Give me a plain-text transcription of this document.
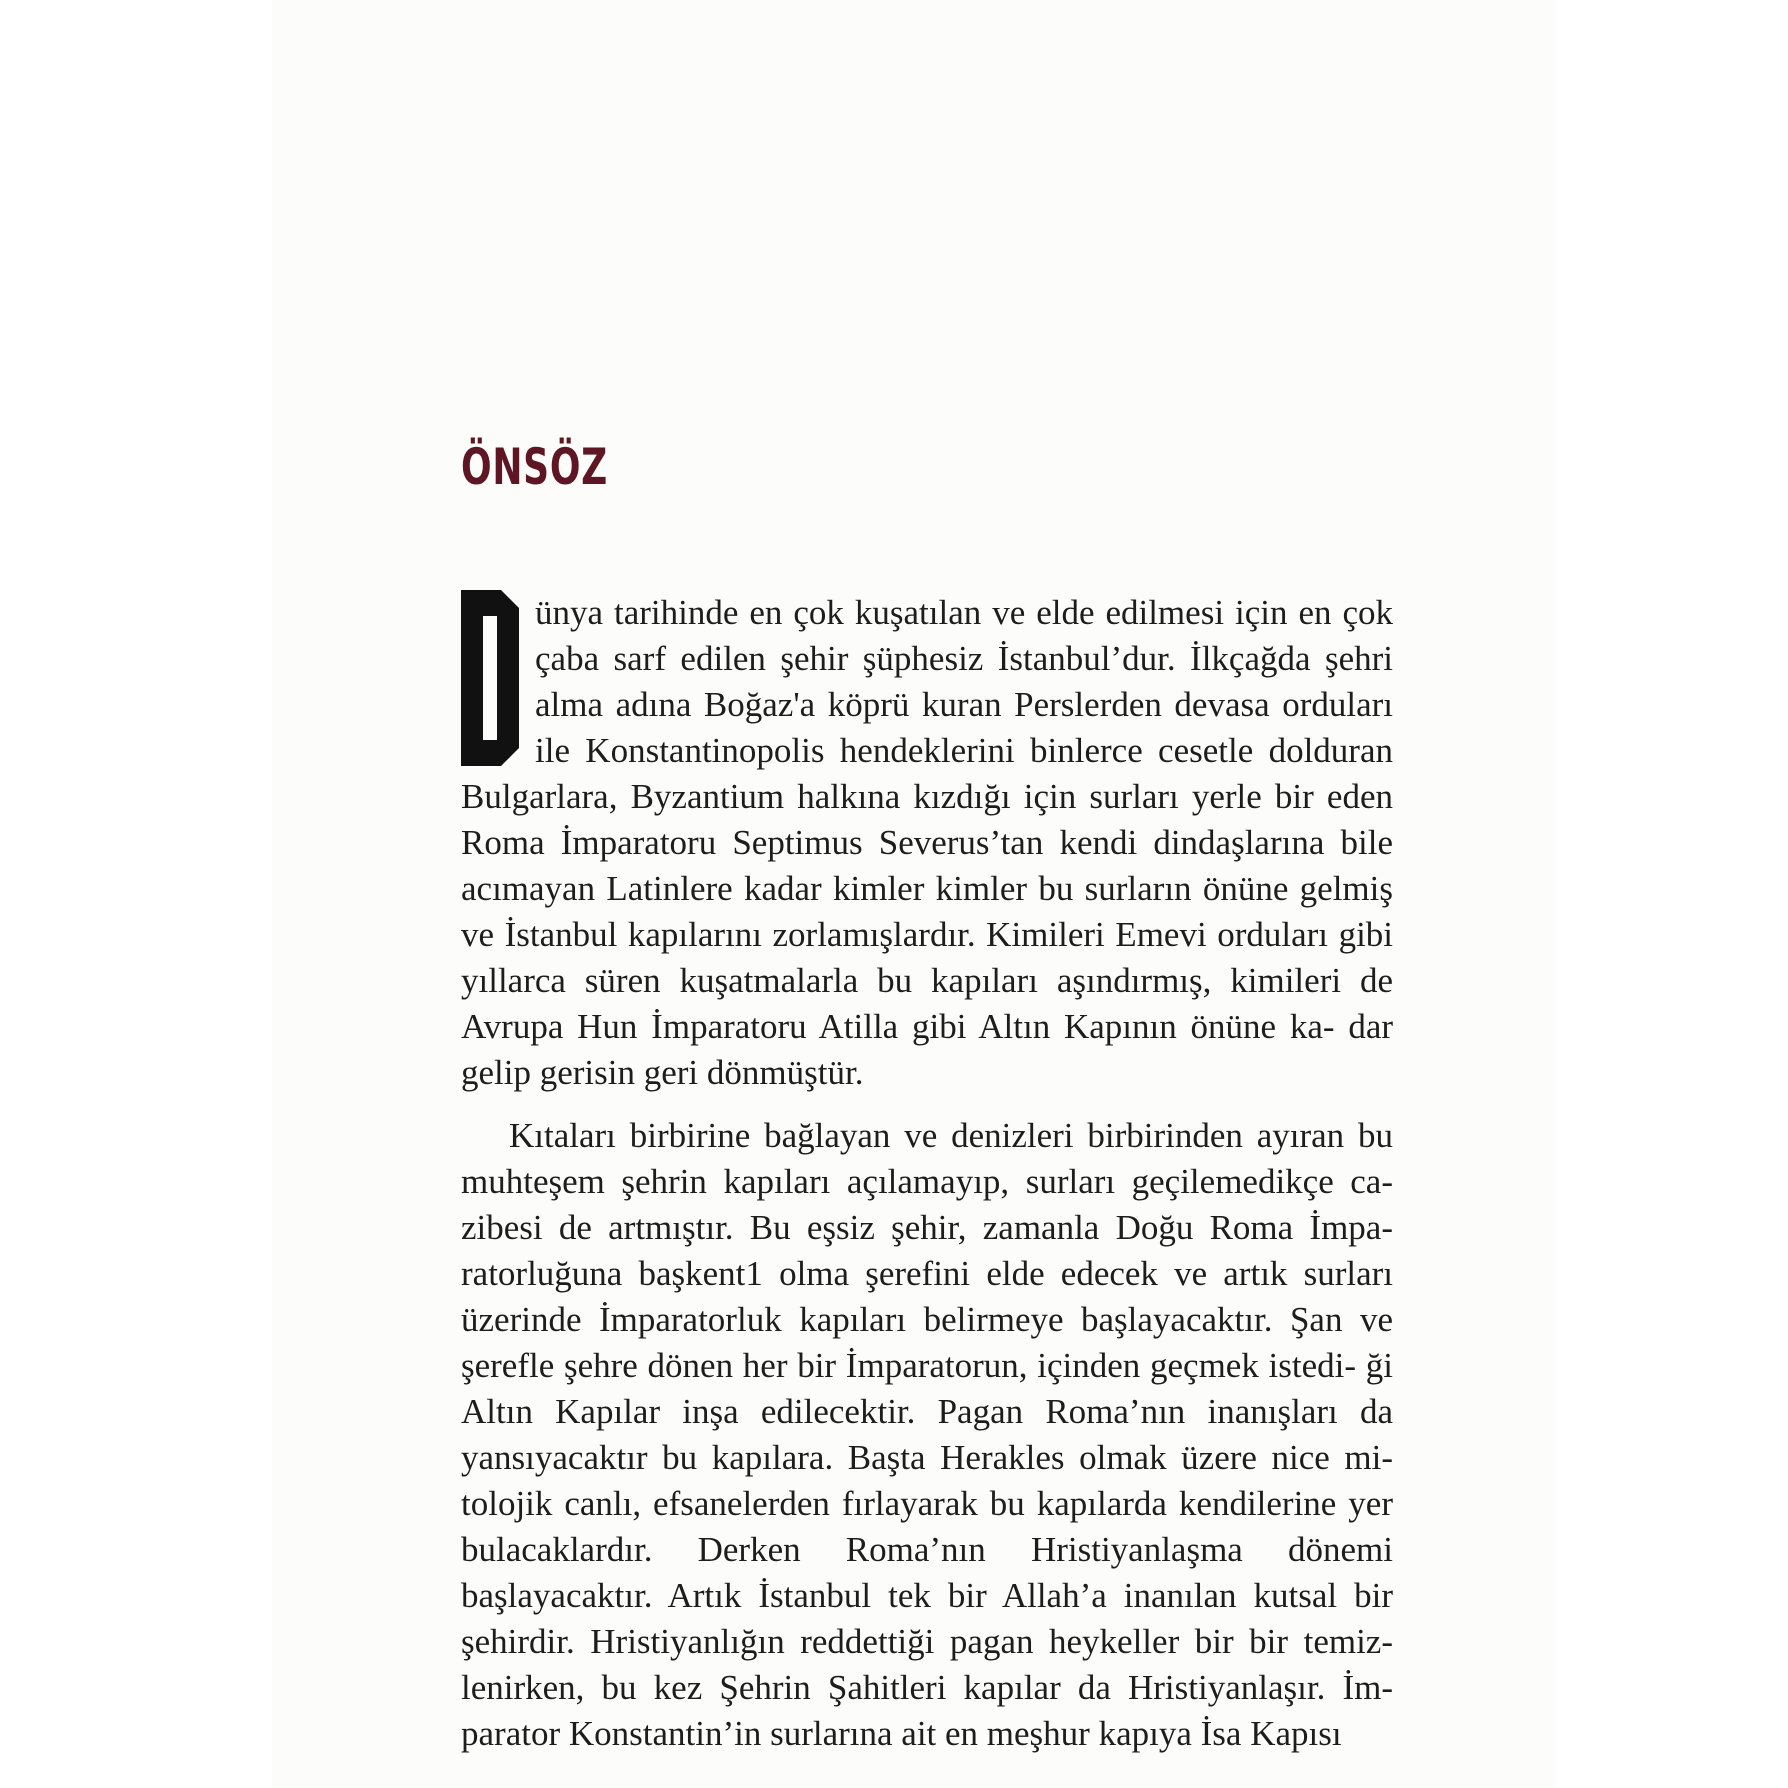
ÖNSÖZ

ünya tarihinde en çok kuşatılan ve elde edilmesi için en çok çaba sarf edilen şehir şüphesiz İstanbul’dur. İlkçağda şehri alma adına Boğaz'a köprü kuran Perslerden devasa orduları ile Konstantinopolis hendeklerini binlerce cesetle dolduran Bulgarlara, Byzantium halkına kızdığı için surları yerle bir eden Roma İmparatoru Septimus Severus’tan kendi dindaşlarına bile acımayan Latinlere kadar kimler kimler bu surların önüne gelmiş ve İstanbul kapılarını zorlamışlardır. Kimileri Emevi orduları gibi yıllarca süren kuşatmalarla bu kapıları aşındırmış, kimileri de Avrupa Hun İmparatoru Atilla gibi Altın Kapının önüne ka- dar gelip gerisin geri dönmüştür.

Kıtaları birbirine bağlayan ve denizleri birbirinden ayıran bu muhteşem şehrin kapıları açılamayıp, surları geçilemedikçe ca- zibesi de artmıştır. Bu eşsiz şehir, zamanla Doğu Roma İmpa- ratorluğuna başkent1 olma şerefini elde edecek ve artık surları üzerinde İmparatorluk kapıları belirmeye başlayacaktır. Şan ve şerefle şehre dönen her bir İmparatorun, içinden geçmek istedi- ği Altın Kapılar inşa edilecektir. Pagan Roma’nın inanışları da yansıyacaktır bu kapılara. Başta Herakles olmak üzere nice mi- tolojik canlı, efsanelerden fırlayarak bu kapılarda kendilerine yer bulacaklardır. Derken Roma’nın Hristiyanlaşma dönemi başlayacaktır. Artık İstanbul tek bir Allah’a inanılan kutsal bir şehirdir. Hristiyanlığın reddettiği pagan heykeller bir bir temiz- lenirken, bu kez Şehrin Şahitleri kapılar da Hristiyanlaşır. İm- parator Konstantin’in surlarına ait en meşhur kapıya İsa Kapısı
